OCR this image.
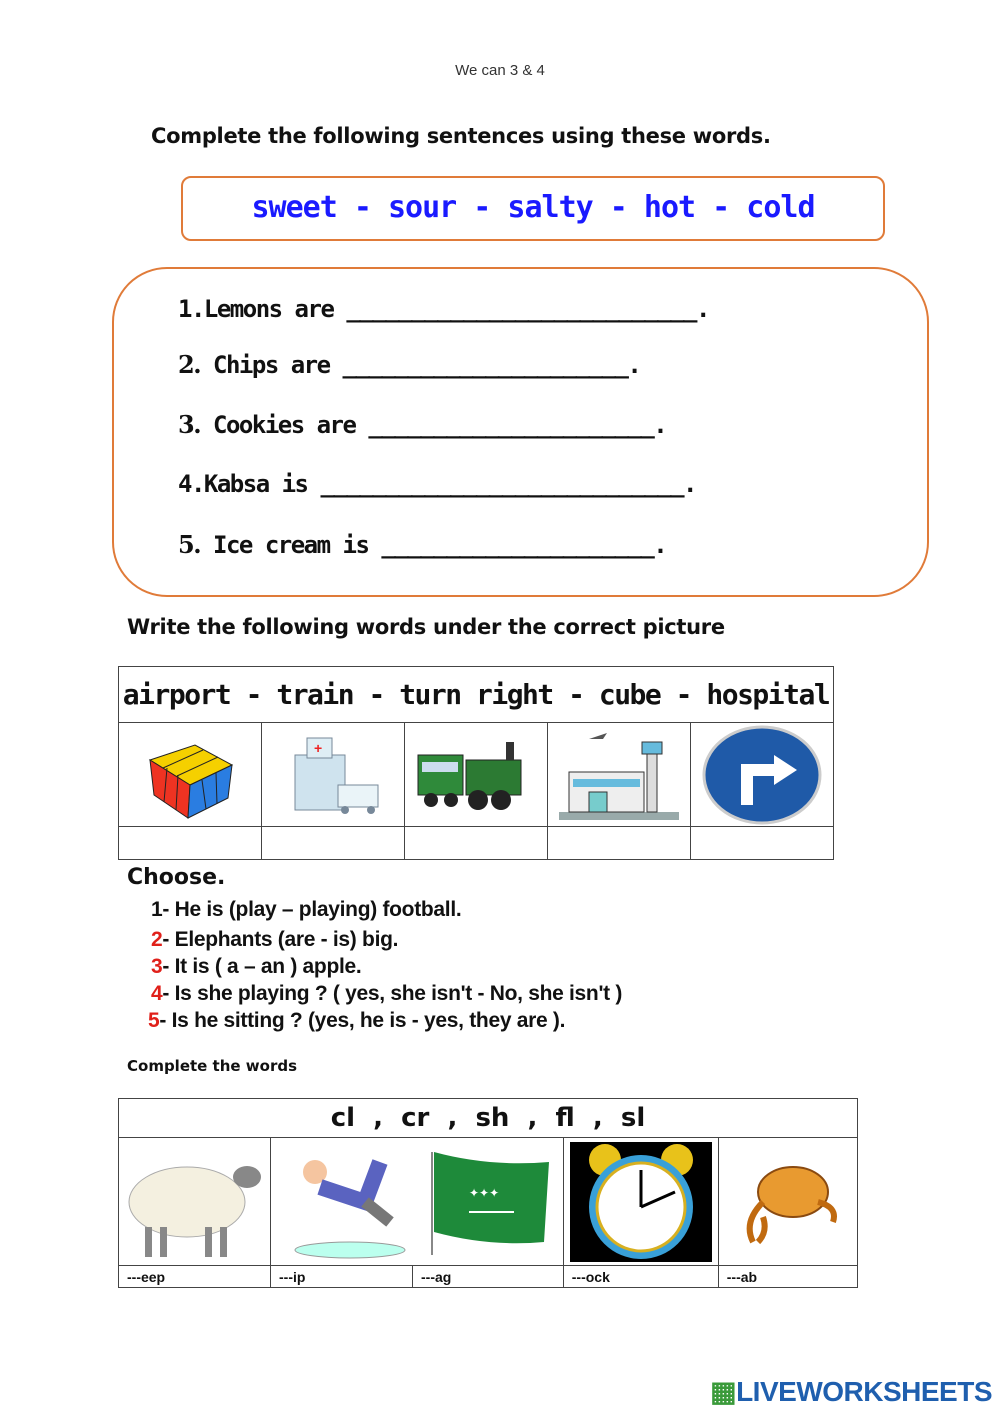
We can 3 & 4
Complete the following sentences using these words.
sweet - sour - salty - hot - cold
1.Lemons are ___________________________.
2. Chips are ______________________.
3. Cookies are ______________________.
4.Kabsa is ____________________________.
5. Ice cream is _____________________.
Write the following words under the correct picture
airport - train - turn right - cube - hospital				

+

Choose.
1- He is (play – playing) football.
2- Elephants (are - is) big.
3- It is ( a – an ) apple.
4- Is she playing ? ( yes, she isn't - No, she isn't )
5- Is he sitting ? (yes, he is - yes, they are ).
Complete the words
cl  ,  cr  ,  sh  ,  fl  ,  sl				

✦✦✦

---eep	---ip	---ag	---ock	---ab
▦LIVEWORKSHEETS
